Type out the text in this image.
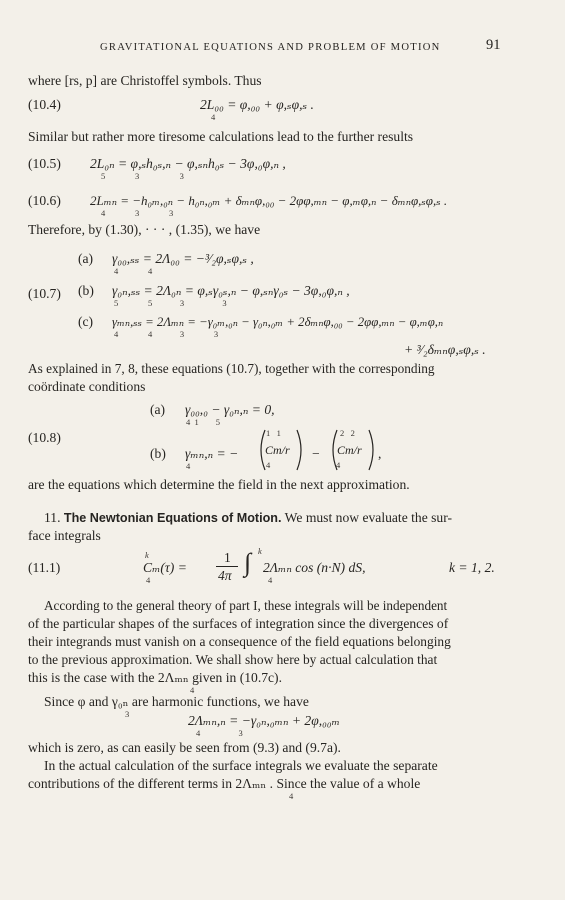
GRAVITATIONAL EQUATIONS AND PROBLEM OF MOTION	91
where [rs, p] are Christoffel symbols. Thus
(10.4)	2L₀₀ = φ,₀₀ + φ,ₛφ,ₛ .
4
Similar but rather more tiresome calculations lead to the further results
(10.5) 2L₀ₙ = φ,ₛh₀ₛ,ₙ − φ,ₛₙh₀ₛ − 3φ,₀φ,ₙ ,
5              3                   3
(10.6) 2Lₘₙ = −h₀ₘ,₀ₙ − h₀ₙ,₀ₘ + δₘₙφ,₀₀ − 2φφ,ₘₙ − φ,ₘφ,ₙ − δₘₙφ,ₛφ,ₛ .
4              3              3
Therefore, by (1.30), · · · , (1.35), we have
(10.7)
(a) γ₀₀,ₛₛ = 2Λ₀₀ = −³⁄₂φ,ₛφ,ₛ ,
4              4
(b) γ₀ₙ,ₛₛ = 2Λ₀ₙ = φ,ₛγ₀ₛ,ₙ − φ,ₛₙγ₀ₛ − 3φ,₀φ,ₙ ,
5              5             3                  3
(c) γₘₙ,ₛₛ = 2Λₘₙ = −γ₀ₘ,₀ₙ − γ₀ₙ,₀ₘ + 2δₘₙφ,₀₀ − 2φφ,ₘₙ − φ,ₘφ,ₙ
4              4             3              3
+ ³⁄₂δₘₙφ,ₛφ,ₛ .
As explained in 7, 8, these equations (10.7), together with the corresponding
coördinate conditions
(10.8)
(a) γ₀₀,₀ − γ₀ₙ,ₙ = 0,
4  1        5
(b) γₘₙ,ₙ = −
4
1   1
Cm/r
4
−
2   2
Cm/r
4
,
are the equations which determine the field in the next approximation.
11. The Newtonian Equations of Motion. We must now evaluate the sur-
face integrals
(11.1)
k
Cₘ(τ) =
4
1
4π ∫ k
2Λₘₙ cos (n·N) dS,
4
k = 1, 2.
According to the general theory of part I, these integrals will be independent
of the particular shapes of the surfaces of integration since the divergences of
their integrands must vanish on a consequence of the field equations belonging
to the previous approximation. We shall show here by actual calculation that
this is the case with the 2Λₘₙ given in (10.7c).
4
Since φ and γ₀ₙ are harmonic functions, we have
3	2Λₘₙ,ₙ = −γ₀ₙ,₀ₘₙ + 2φ,₀₀ₘ
4                  3
which is zero, as can easily be seen from (9.3) and (9.7a).
In the actual calculation of the surface integrals we evaluate the separate
contributions of the different terms in 2Λₘₙ . Since the value of a whole
4
